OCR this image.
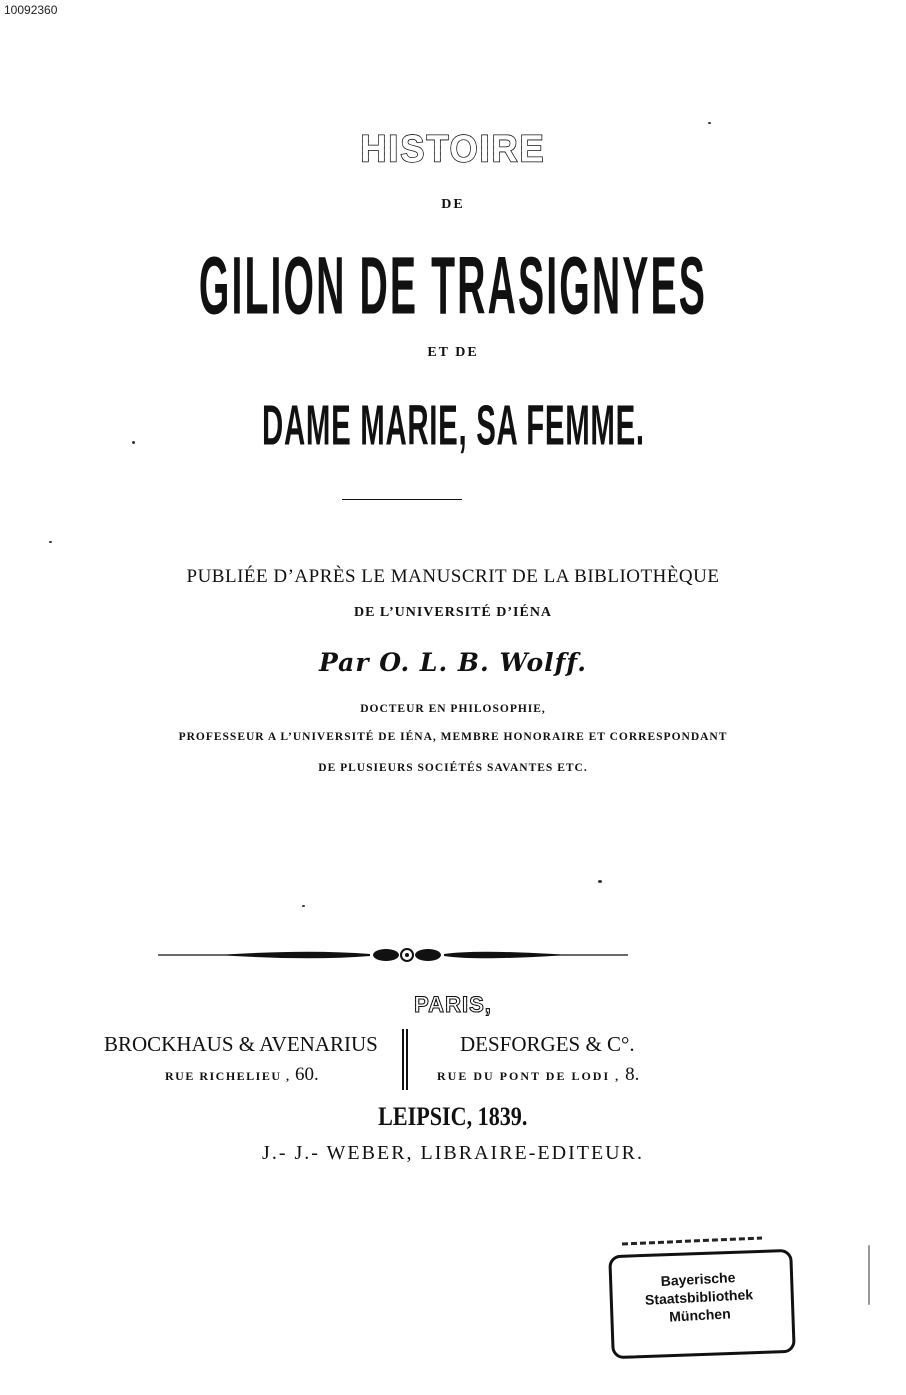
10092360
HISTOIRE
DE
GILION DE TRASIGNYES
ET DE
DAME MARIE, SA FEMME.
PUBLIÉE D’APRÈS LE MANUSCRIT DE LA BIBLIOTHÈQUE
DE L’UNIVERSITÉ D’IÉNA
Par O. L. B. Wolff.
DOCTEUR EN PHILOSOPHIE,
PROFESSEUR A L’UNIVERSITÉ DE IÉNA, MEMBRE HONORAIRE ET CORRESPONDANT
DE PLUSIEURS SOCIÉTÉS SAVANTES ETC.
PARIS,
BROCKHAUS & AVENARIUS
RUE RICHELIEU , 60.
DESFORGES & C°.
RUE DU PONT DE LODI , 8.
LEIPSIC, 1839.
J.- J.- WEBER, LIBRAIRE-EDITEUR.
Bayerische
Staatsbibliothek
München
